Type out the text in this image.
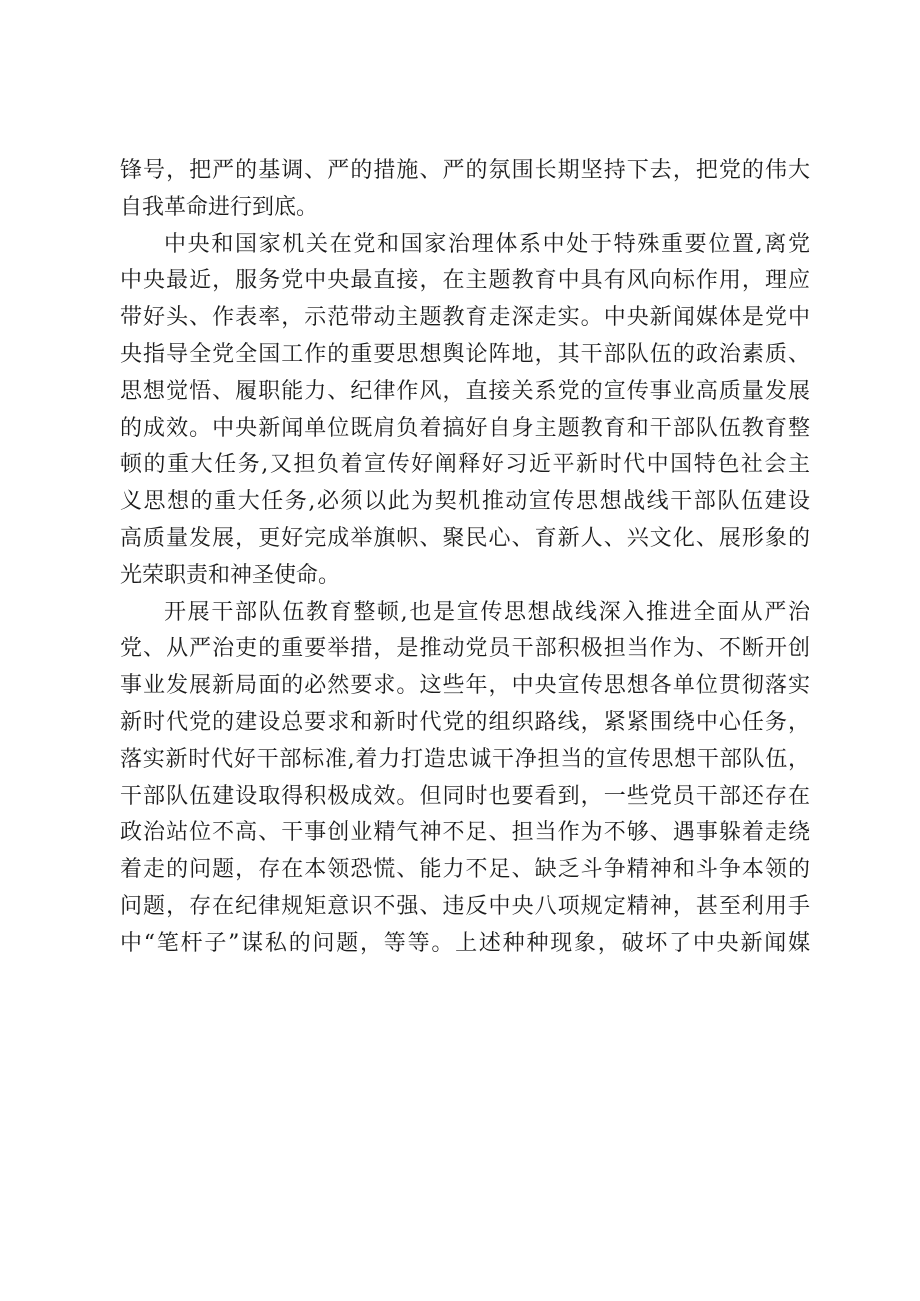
锋号，把严的基调、严的措施、严的氛围长期坚持下去，把党的伟大
自我革命进行到底。
中央和国家机关在党和国家治理体系中处于特殊重要位置,离党
中央最近，服务党中央最直接，在主题教育中具有风向标作用，理应
带好头、作表率，示范带动主题教育走深走实。中央新闻媒体是党中
央指导全党全国工作的重要思想舆论阵地，其干部队伍的政治素质、
思想觉悟、履职能力、纪律作风，直接关系党的宣传事业高质量发展
的成效。中央新闻单位既肩负着搞好自身主题教育和干部队伍教育整
顿的重大任务,又担负着宣传好阐释好习近平新时代中国特色社会主
义思想的重大任务,必须以此为契机推动宣传思想战线干部队伍建设
高质量发展，更好完成举旗帜、聚民心、育新人、兴文化、展形象的
光荣职责和神圣使命。
开展干部队伍教育整顿,也是宣传思想战线深入推进全面从严治
党、从严治吏的重要举措，是推动党员干部积极担当作为、不断开创
事业发展新局面的必然要求。这些年，中央宣传思想各单位贯彻落实
新时代党的建设总要求和新时代党的组织路线，紧紧围绕中心任务，
落实新时代好干部标准,着力打造忠诚干净担当的宣传思想干部队伍，
干部队伍建设取得积极成效。但同时也要看到，一些党员干部还存在
政治站位不高、干事创业精气神不足、担当作为不够、遇事躲着走绕
着走的问题，存在本领恐慌、能力不足、缺乏斗争精神和斗争本领的
问题，存在纪律规矩意识不强、违反中央八项规定精神，甚至利用手
中“笔杆子”谋私的问题，等等。上述种种现象，破坏了中央新闻媒
